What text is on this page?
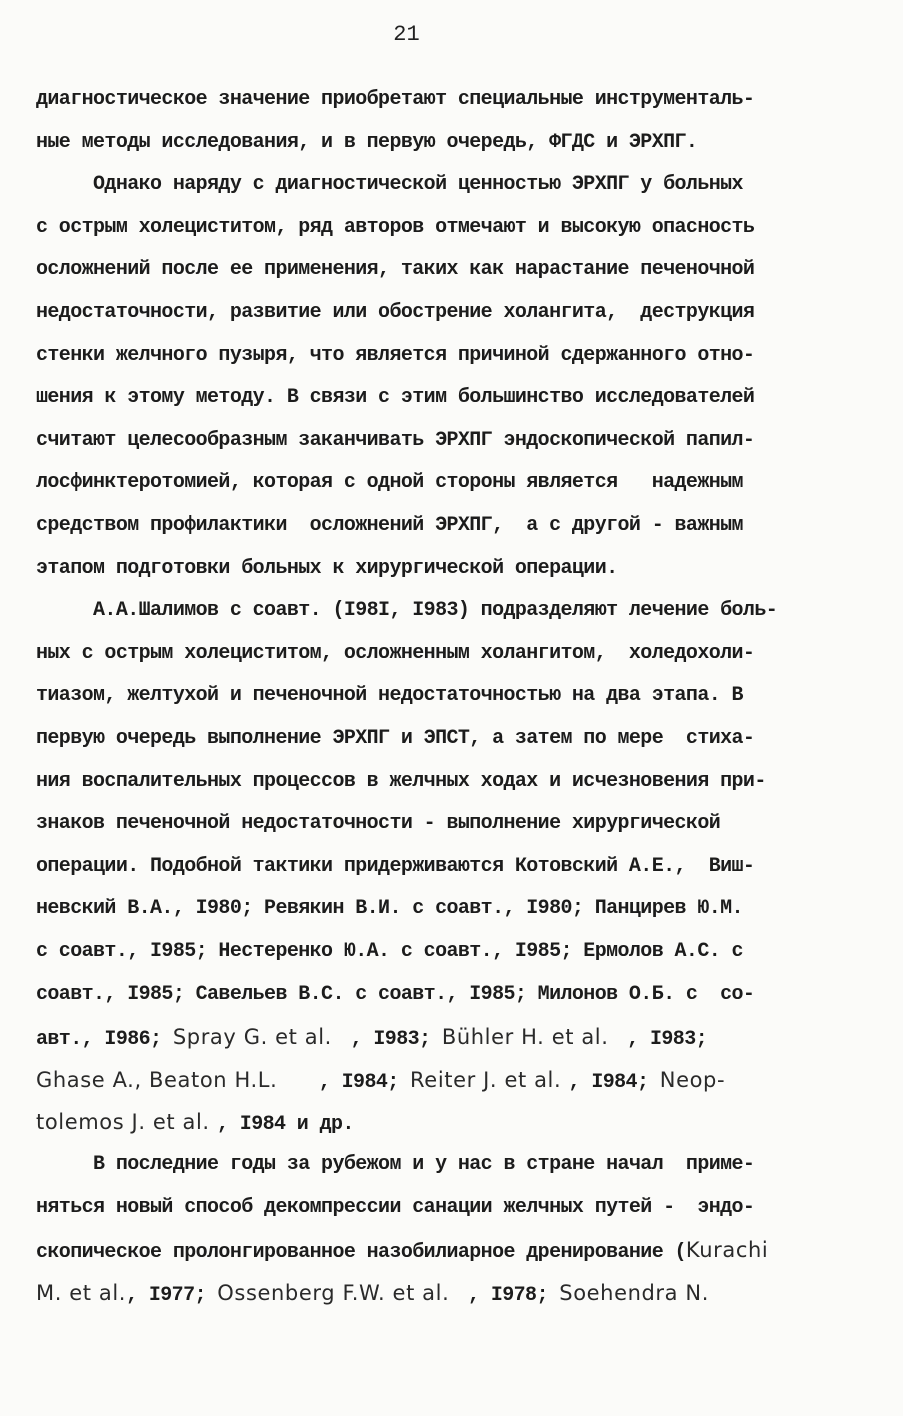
21
диагностическое значение приобретают специальные инструменталь-
ные методы исследования, и в первую очередь, ФГДС и ЭРХПГ.
Однако наряду с диагностической ценностью ЭРХПГ у больных
с острым холециститом, ряд авторов отмечают и высокую опасность
осложнений после ее применения, таких как нарастание печеночной
недостаточности, развитие или обострение холангита,  деструкция
стенки желчного пузыря, что является причиной сдержанного отно-
шения к этому методу. В связи с этим большинство исследователей
считают целесообразным заканчивать ЭРХПГ эндоскопической папил-
лосфинктеротомией, которая с одной стороны является   надежным
средством профилактики  осложнений ЭРХПГ,  а с другой - важным
этапом подготовки больных к хирургической операции.
А.А.Шалимов с соавт. (I98I, I983) подразделяют лечение боль-
ных с острым холециститом, осложненным холангитом,  холедохоли-
тиазом, желтухой и печеночной недостаточностью на два этапа. В
первую очередь выполнение ЭРХПГ и ЭПСТ, а затем по мере  стиха-
ния воспалительных процессов в желчных ходах и исчезновения при-
знаков печеночной недостаточности - выполнение хирургической
операции. Подобной тактики придерживаются Котовский А.Е.,  Виш-
невский В.А., I980; Ревякин В.И. с соавт., I980; Панцирев Ю.М.
с соавт., I985; Нестеренко Ю.А. с соавт., I985; Ермолов А.С. с
соавт., I985; Савельев В.С. с соавт., I985; Милонов О.Б. с  со-
авт., I986; Spray G. et al.  , I983; Bühler H. et al.  , I983;
Ghase A., Beaton H.L.    , I984; Reiter J. et al. , I984; Neop-
tolemos J. et al. , I984 и др.
В последние годы за рубежом и у нас в стране начал  приме-
няться новый способ декомпрессии санации желчных путей -  эндо-
скопическое пролонгированное назобилиарное дренирование (Kurachi
M. et al., I977; Ossenberg F.W. et al.  , I978; Soehendra N.
